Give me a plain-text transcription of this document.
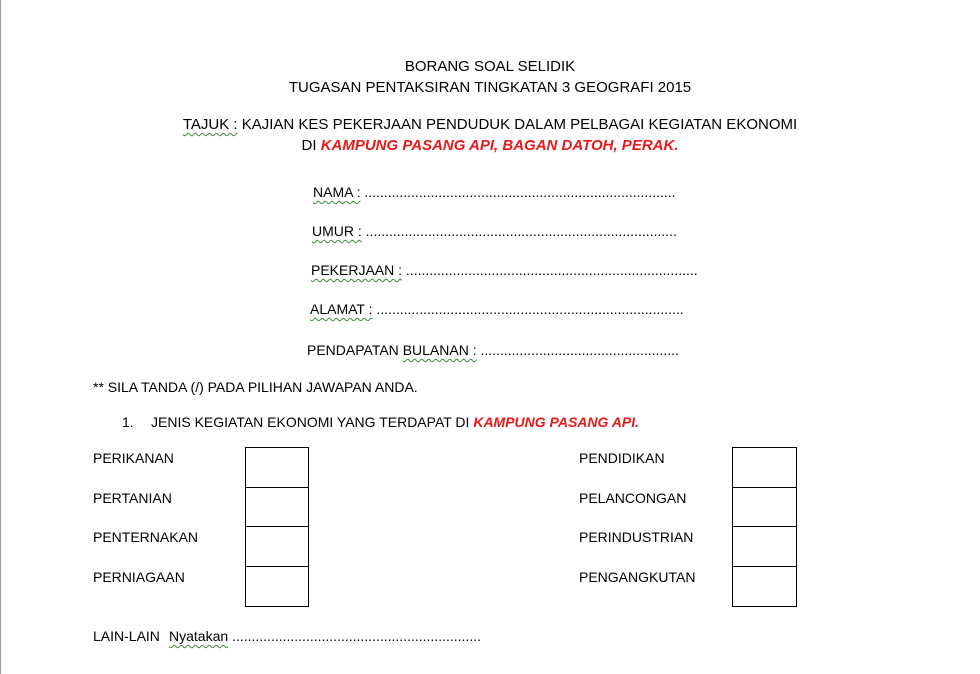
BORANG SOAL SELIDIK
TUGASAN PENTAKSIRAN TINGKATAN 3 GEOGRAFI 2015
TAJUK : KAJIAN KES PEKERJAAN PENDUDUK DALAM PELBAGAI KEGIATAN EKONOMI
DI KAMPUNG PASANG API, BAGAN DATOH, PERAK.
NAMA : ................................................................................
UMUR : ................................................................................
PEKERJAAN : ...........................................................................
ALAMAT : ...............................................................................
PENDAPATAN BULANAN : ...................................................
** SILA TANDA (/) PADA PILIHAN JAWAPAN ANDA.
1. JENIS KEGIATAN EKONOMI YANG TERDAPAT DI KAMPUNG PASANG API.
PERIKANAN
PERTANIAN
PENTERNAKAN
PERNIAGAAN
PENDIDIKAN
PELANCONGAN
PERINDUSTRIAN
PENGANGKUTAN
LAIN-LAIN Nyatakan ................................................................
